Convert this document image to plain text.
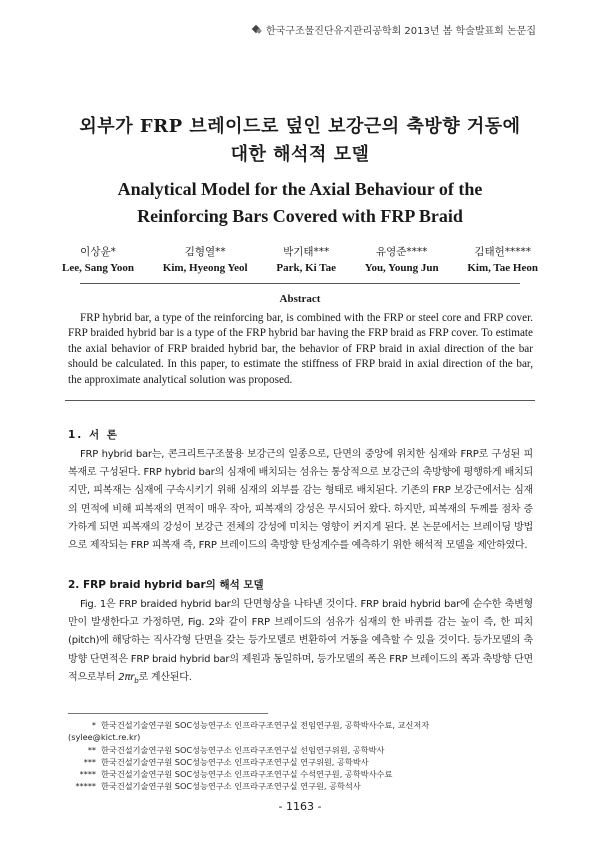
한국구조물진단유지관리공학회 2013년 봄 학술발표회 논문집
외부가 FRP 브레이드로 덮인 보강근의 축방향 거동에
대한 해석적 모델
Analytical Model for the Axial Behaviour of the
Reinforcing Bars Covered with FRP Braid
이상윤*
Lee, Sang Yoon
김형열**
Kim, Hyeong Yeol
박기태***
Park, Ki Tae
유영준****
You, Young Jun
김태헌*****
Kim, Tae Heon
Abstract
FRP hybrid bar, a type of the reinforcing bar, is combined with the FRP or steel core and FRP cover. FRP braided hybrid bar is a type of the FRP hybrid bar having the FRP braid as FRP cover. To estimate the axial behavior of FRP braided hybrid bar, the behavior of FRP braid in axial direction of the bar should be calculated. In this paper, to estimate the stiffness of FRP braid in axial direction of the bar, the approximate analytical solution was proposed.
1. 서 론
FRP hybrid bar는, 콘크리트구조물용 보강근의 일종으로, 단면의 중앙에 위치한 심재와 FRP로 구성된 피복재로 구성된다. FRP hybrid bar의 심재에 배치되는 섬유는 통상적으로 보강근의 축방향에 평행하게 배치되지만, 피복재는 심재에 구속시키기 위해 심재의 외부를 감는 형태로 배치된다. 기존의 FRP 보강근에서는 심재의 면적에 비해 피복재의 면적이 매우 작아, 피복재의 강성은 무시되어 왔다. 하지만, 피복재의 두께를 점차 증가하게 되면 피복재의 강성이 보강근 전체의 강성에 미치는 영향이 커지게 된다. 본 논문에서는 브레이딩 방법으로 제작되는 FRP 피복재 즉, FRP 브레이드의 축방향 탄성계수를 예측하기 위한 해석적 모델을 제안하였다.
2. FRP braid hybrid bar의 해석 모델
Fig. 1은 FRP braided hybrid bar의 단면형상을 나타낸 것이다. FRP braid hybrid bar에 순수한 축변형만이 발생한다고 가정하면, Fig. 2와 같이 FRP 브레이드의 섬유가 심재의 한 바퀴를 감는 높이 즉, 한 피치(pitch)에 해당하는 직사각형 단면을 갖는 등가모델로 변환하여 거동을 예측할 수 있을 것이다. 등가모델의 축방향 단면적은 FRP braid hybrid bar의 제원과 동일하며, 등가모델의 폭은 FRP 브레이드의 폭과 축방향 단면적으로부터 $2\pi r_b$로 계산된다.
* 한국건설기술연구원 SOC성능연구소 인프라구조연구실 전임연구원, 공학박사수료, 교신저자
(sylee@kict.re.kr)
** 한국건설기술연구원 SOC성능연구소 인프라구조연구실 선임연구위원, 공학박사
*** 한국건설기술연구원 SOC성능연구소 인프라구조연구실 연구위원, 공학박사
**** 한국건설기술연구원 SOC성능연구소 인프라구조연구실 수석연구원, 공학박사수료
***** 한국건설기술연구원 SOC성능연구소 인프라구조연구실 연구원, 공학석사
- 1163 -
